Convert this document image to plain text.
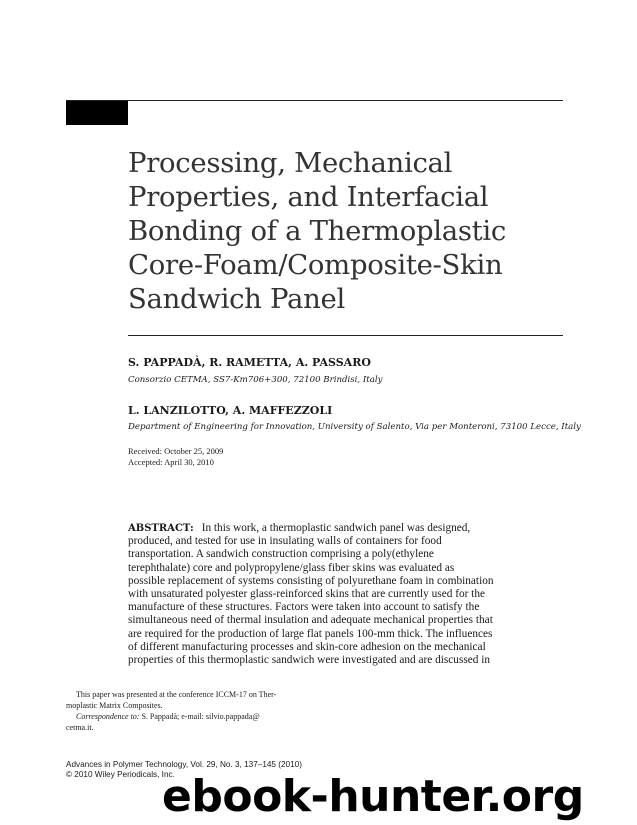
Processing, Mechanical
Properties, and Interfacial
Bonding of a Thermoplastic
Core-Foam/Composite-Skin
Sandwich Panel
S. PAPPADÀ, R. RAMETTA, A. PASSARO
Consorzio CETMA, SS7-Km706+300, 72100 Brindisi, Italy
L. LANZILOTTO, A. MAFFEZZOLI
Department of Engineering for Innovation, University of Salento, Via per Monteroni, 73100 Lecce, Italy
Received: October 25, 2009
Accepted: April 30, 2010
ABSTRACT: In this work, a thermoplastic sandwich panel was designed,
produced, and tested for use in insulating walls of containers for food
transportation. A sandwich construction comprising a poly(ethylene
terephthalate) core and polypropylene/glass fiber skins was evaluated as
possible replacement of systems consisting of polyurethane foam in combination
with unsaturated polyester glass-reinforced skins that are currently used for the
manufacture of these structures. Factors were taken into account to satisfy the
simultaneous need of thermal insulation and adequate mechanical properties that
are required for the production of large flat panels 100-mm thick. The influences
of different manufacturing processes and skin-core adhesion on the mechanical
properties of this thermoplastic sandwich were investigated and are discussed in
This paper was presented at the conference ICCM-17 on Ther-
moplastic Matrix Composites.
Correspondence to: S. Pappadà; e-mail: silvio.pappada@
cetma.it.
Advances in Polymer Technology, Vol. 29, No. 3, 137–145 (2010)
© 2010 Wiley Periodicals, Inc.
ebook-hunter.org
